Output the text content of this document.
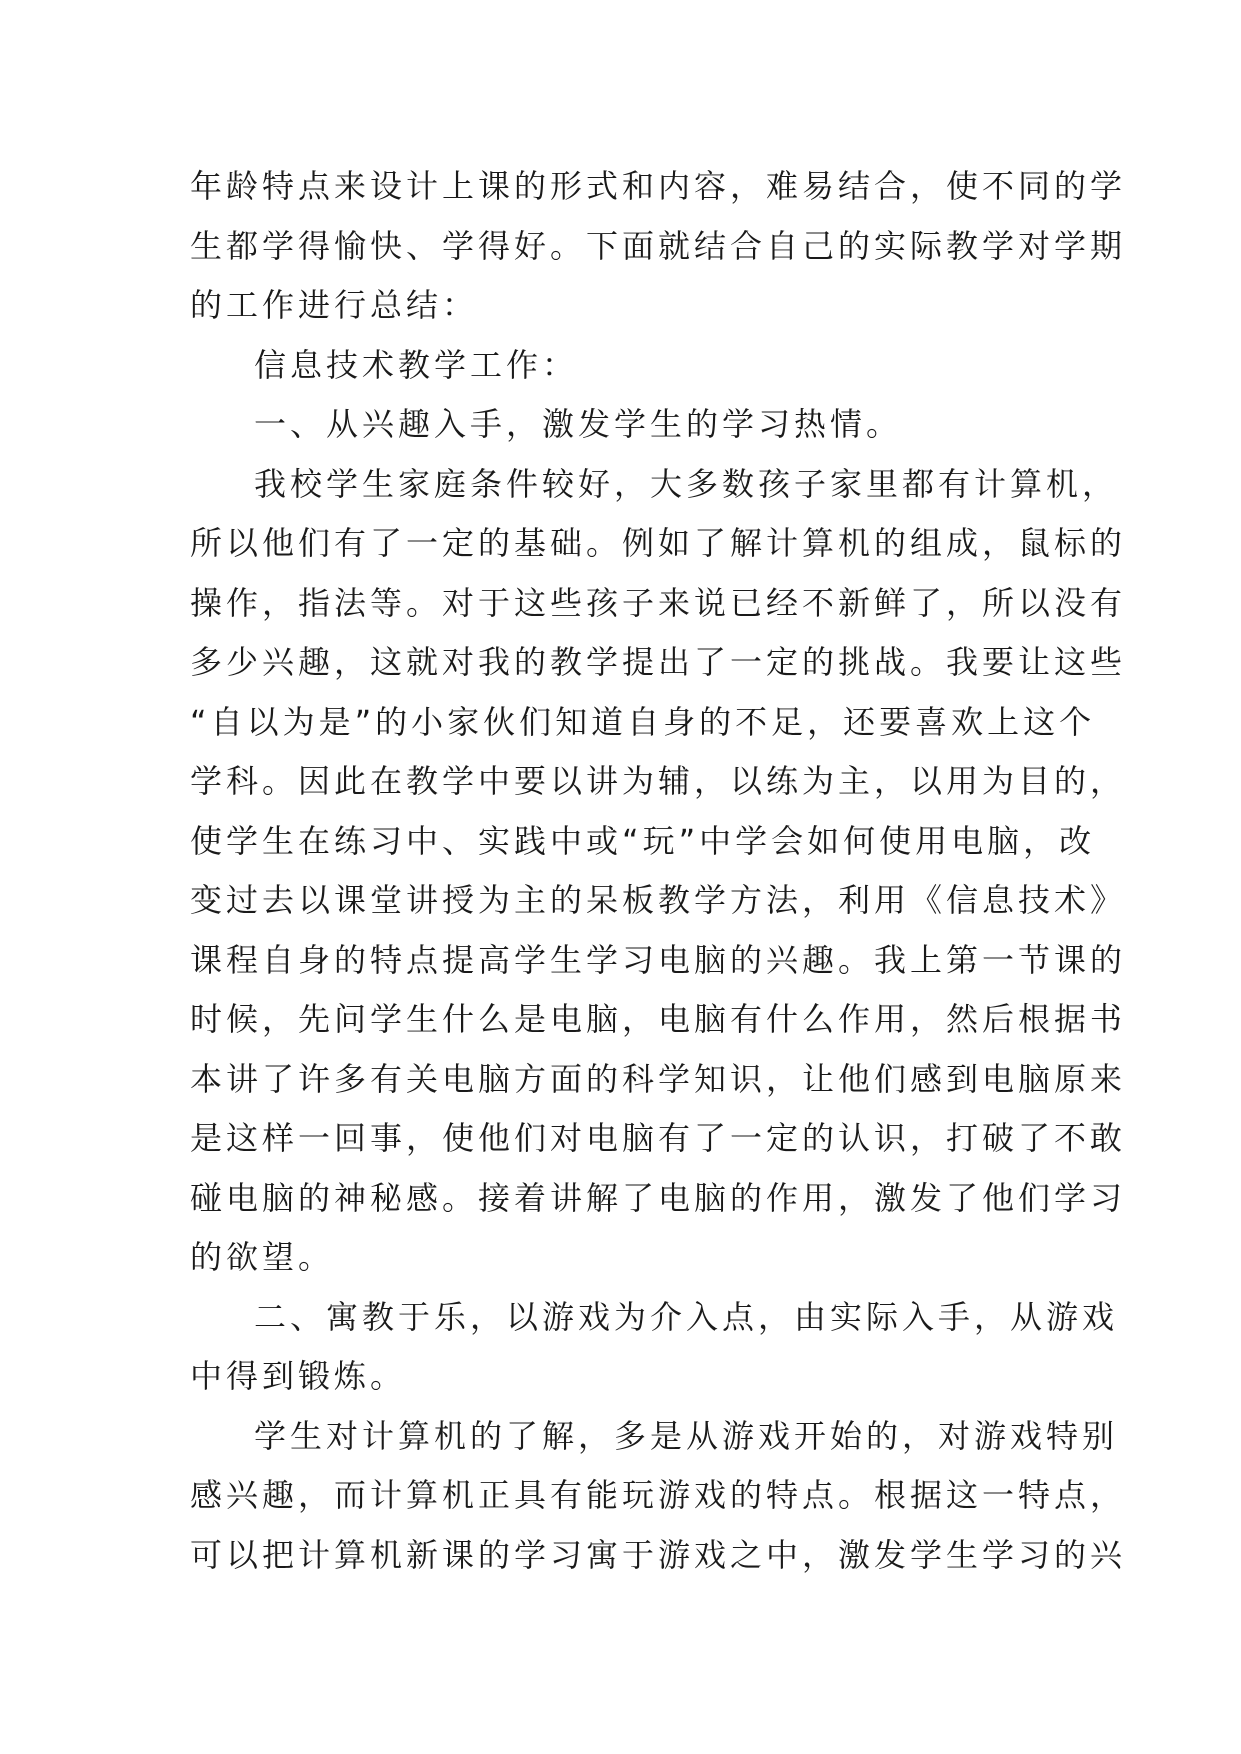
年龄特点来设计上课的形式和内容，难易结合，使不同的学
生都学得愉快、学得好。下面就结合自己的实际教学对学期
的工作进行总结：
信息技术教学工作：
一、从兴趣入手，激发学生的学习热情。
我校学生家庭条件较好，大多数孩子家里都有计算机，
所以他们有了一定的基础。例如了解计算机的组成，鼠标的
操作，指法等。对于这些孩子来说已经不新鲜了，所以没有
多少兴趣，这就对我的教学提出了一定的挑战。我要让这些
“自以为是”的小家伙们知道自身的不足，还要喜欢上这个
学科。因此在教学中要以讲为辅，以练为主，以用为目的，
使学生在练习中、实践中或“玩”中学会如何使用电脑，改
变过去以课堂讲授为主的呆板教学方法，利用《信息技术》
课程自身的特点提高学生学习电脑的兴趣。我上第一节课的
时候，先问学生什么是电脑，电脑有什么作用，然后根据书
本讲了许多有关电脑方面的科学知识，让他们感到电脑原来
是这样一回事，使他们对电脑有了一定的认识，打破了不敢
碰电脑的神秘感。接着讲解了电脑的作用，激发了他们学习
的欲望。
二、寓教于乐，以游戏为介入点，由实际入手，从游戏
中得到锻炼。
学生对计算机的了解，多是从游戏开始的，对游戏特别
感兴趣，而计算机正具有能玩游戏的特点。根据这一特点，
可以把计算机新课的学习寓于游戏之中，激发学生学习的兴
